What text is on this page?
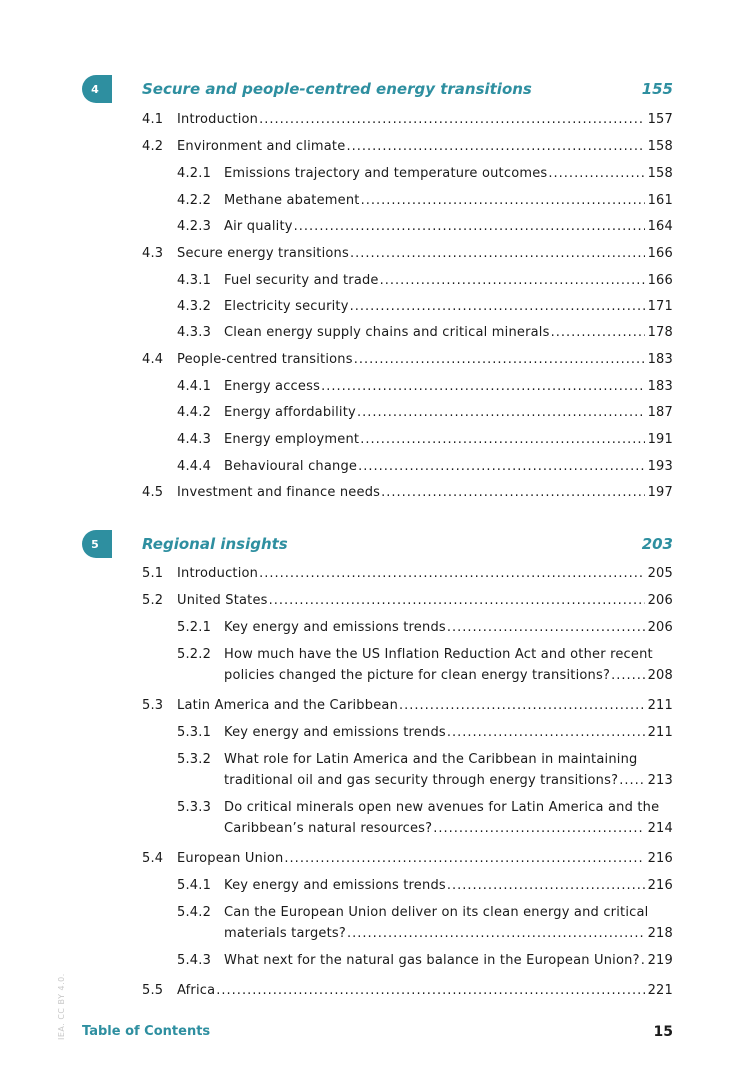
4	Secure and people-centred energy transitions	155
4.1 Introduction .....	157
4.2 Environment and climate .....	158
4.2.1 Emissions trajectory and temperature outcomes .....	158
4.2.2 Methane abatement .....	161
4.2.3 Air quality .....	164
4.3 Secure energy transitions .....	166
4.3.1 Fuel security and trade .....	166
4.3.2 Electricity security .....	171
4.3.3 Clean energy supply chains and critical minerals .....	178
4.4 People-centred transitions .....	183
4.4.1 Energy access .....	183
4.4.2 Energy affordability .....	187
4.4.3 Energy employment .....	191
4.4.4 Behavioural change .....	193
4.5 Investment and finance needs .....	197
5	Regional insights	203
5.1 Introduction .....	205
5.2 United States .....	206
5.2.1 Key energy and emissions trends .....	206
5.2.2 How much have the US Inflation Reduction Act and other recent
policies changed the picture for clean energy transitions? .....	208
5.3 Latin America and the Caribbean .....	211
5.3.1 Key energy and emissions trends .....	211
5.3.2 What role for Latin America and the Caribbean in maintaining
traditional oil and gas security through energy transitions? ..... 213
5.3.3 Do critical minerals open new avenues for Latin America and the
Caribbean’s natural resources? .....	214
5.4 European Union .....	216
5.4.1 Key energy and emissions trends .....	216
5.4.2 Can the European Union deliver on its clean energy and critical
materials targets? .....	218
5.4.3 What next for the natural gas balance in the European Union? ..... 219
5.5 Africa .....	221
IEA. CC BY 4.0. Table of Contents	15
